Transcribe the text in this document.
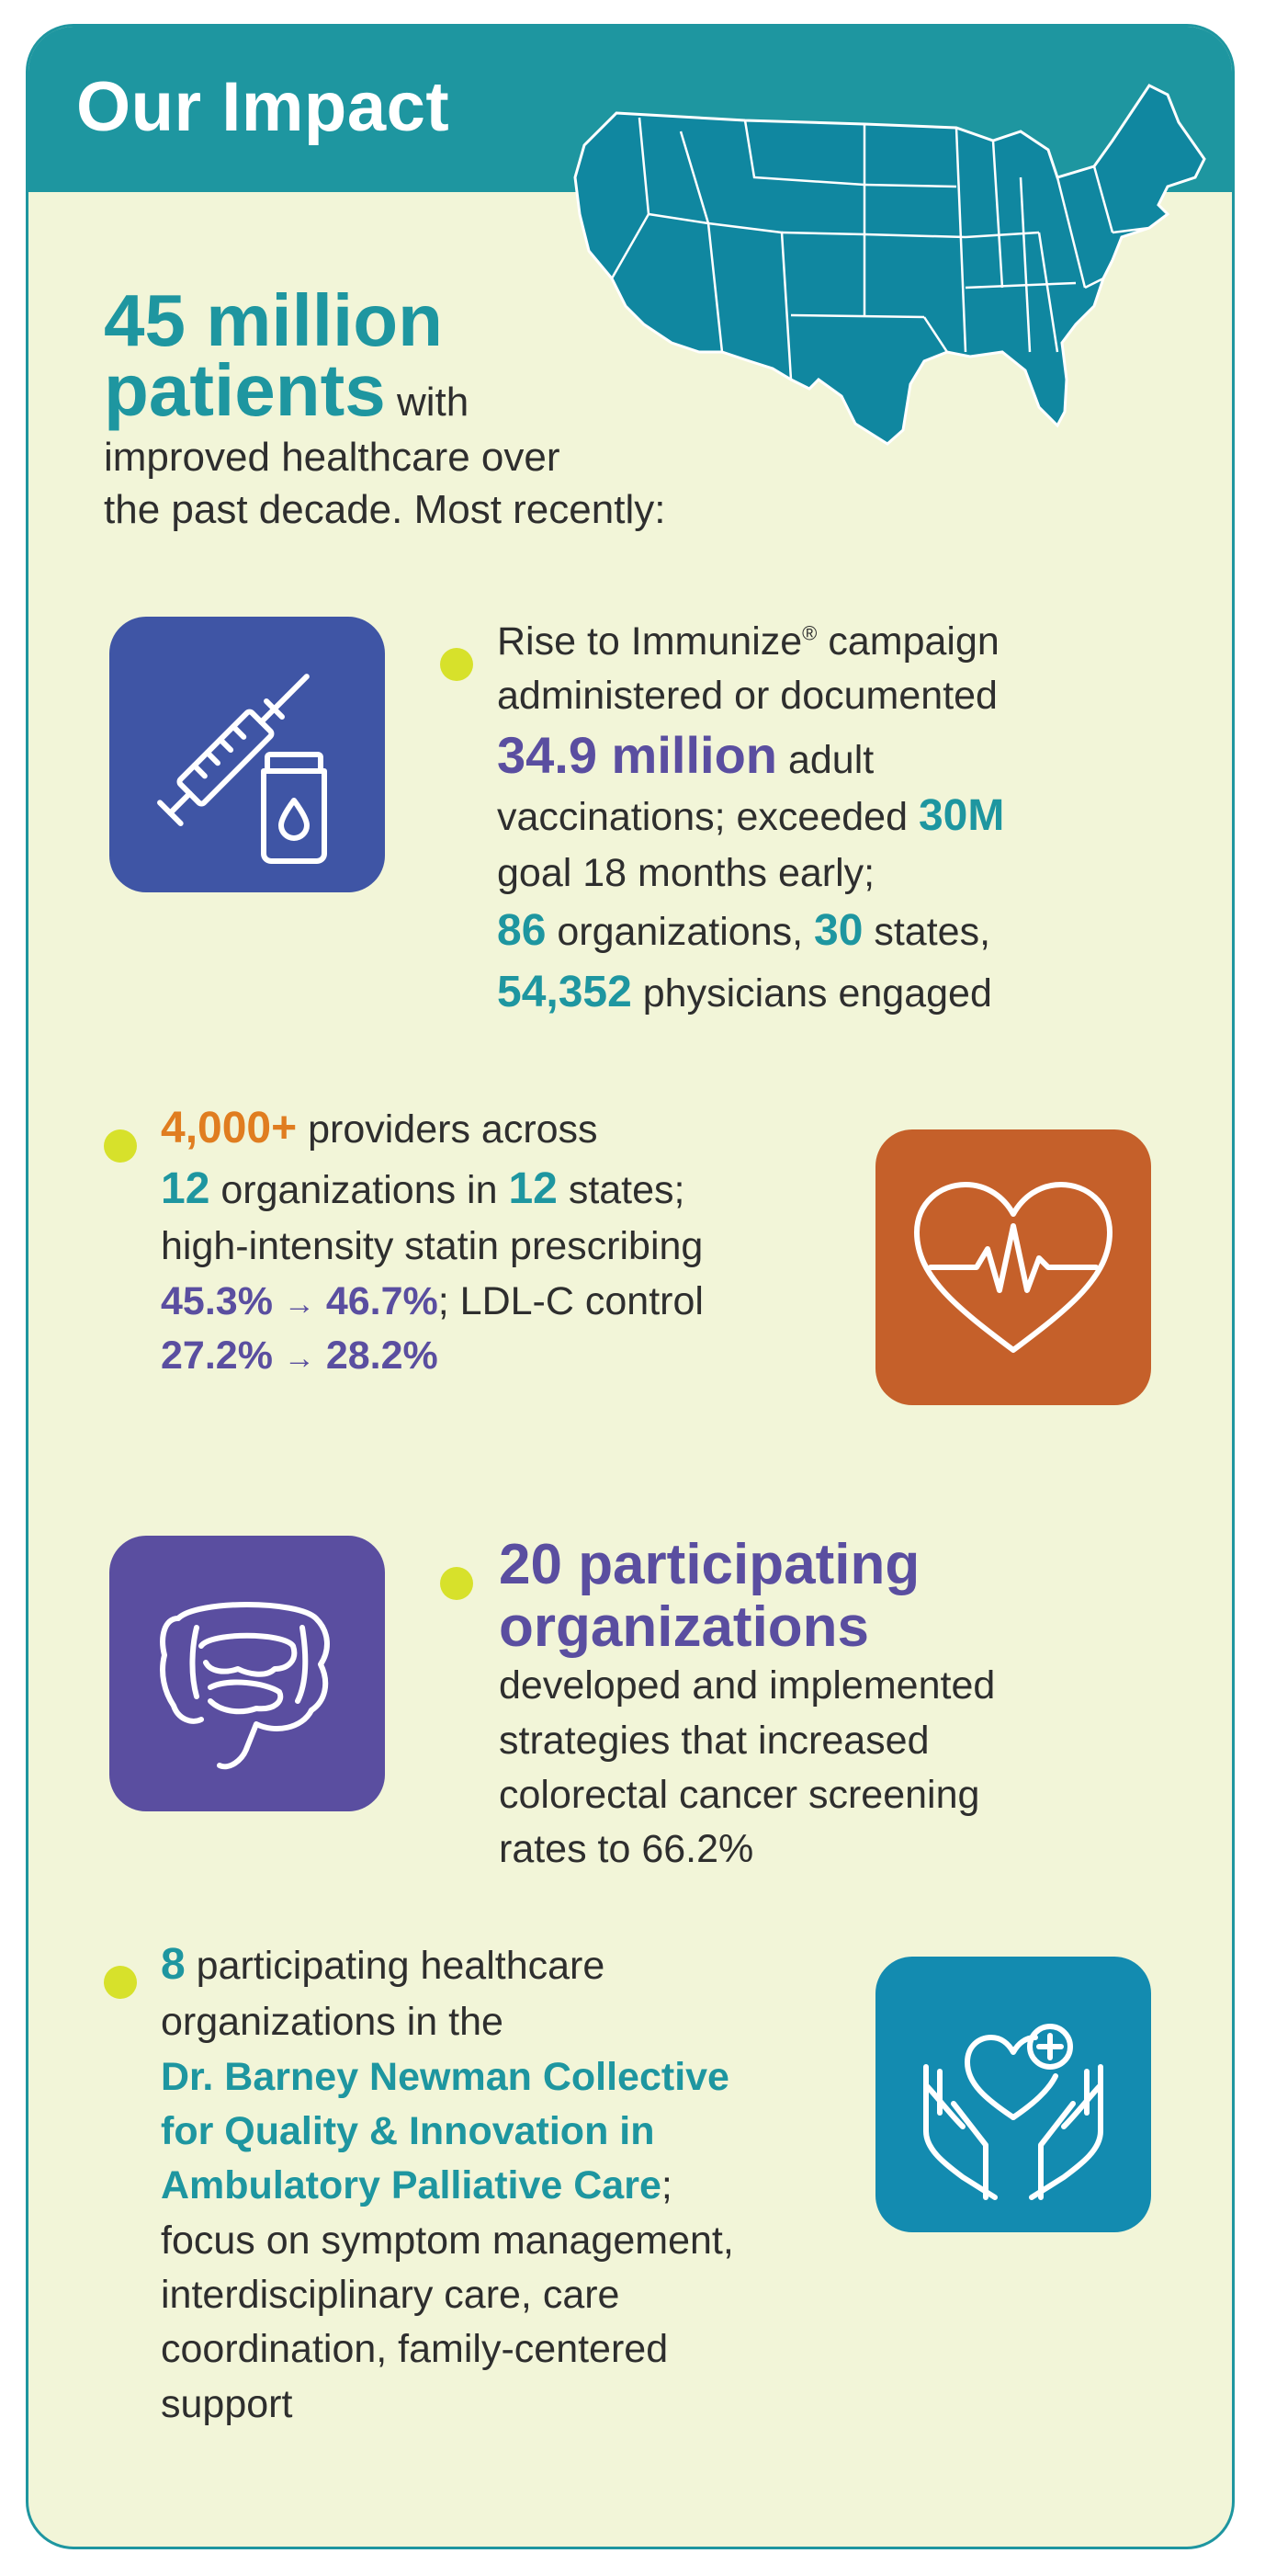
Our Impact
45 million
patients with
improved healthcare over
the past decade. Most recently:

Rise to Immunize® campaign

administered or documented

34.9 million adult

vaccinations; exceeded 30M

goal 18 months early;

86 organizations, 30 states,

54,352 physicians engaged

4,000+ providers across

12 organizations in 12 states;

high-intensity statin prescribing

45.3% → 46.7%; LDL-C control

27.2% → 28.2%

20 participating

organizations

developed and implemented

strategies that increased

colorectal cancer screening

rates to 66.2%

8 participating healthcare

organizations in the

Dr. Barney Newman Collective

for Quality & Innovation in

Ambulatory Palliative Care;

focus on symptom management,

interdisciplinary care, care

coordination, family-centered

support
